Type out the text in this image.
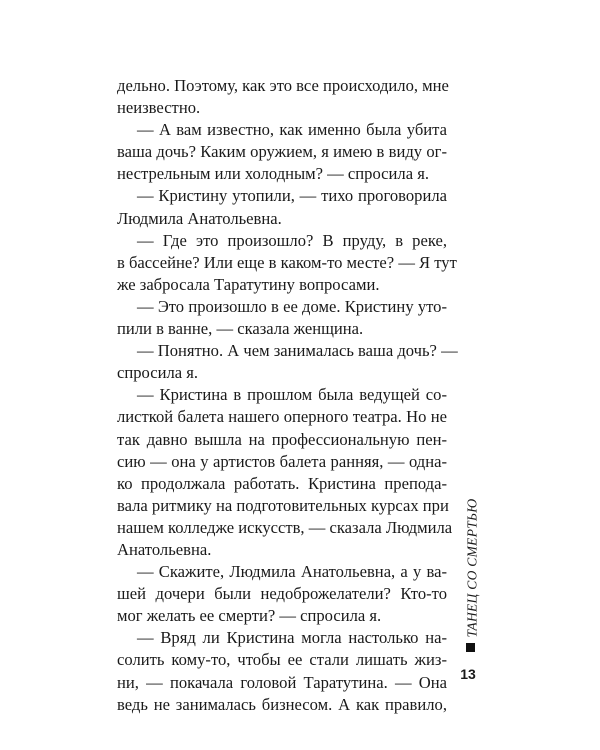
дельно. Поэтому, как это все происходило, мне
неизвестно.
— А вам известно, как именно была убита
ваша дочь? Каким оружием, я имею в виду ог-
нестрельным или холодным? — спросила я.
— Кристину утопили, — тихо проговорила
Людмила Анатольевна.
— Где это произошло? В пруду, в реке,
в бассейне? Или еще в каком-то месте? — Я тут
же забросала Таратутину вопросами.
— Это произошло в ее доме. Кристину уто-
пили в ванне, — сказала женщина.
— Понятно. А чем занималась ваша дочь? —
спросила я.
— Кристина в прошлом была ведущей со-
листкой балета нашего оперного театра. Но не
так давно вышла на профессиональную пен-
сию — она у артистов балета ранняя, — одна-
ко продолжала работать. Кристина препода-
вала ритмику на подготовительных курсах при
нашем колледже искусств, — сказала Людмила
Анатольевна.
— Скажите, Людмила Анатольевна, а у ва-
шей дочери были недоброжелатели? Кто-то
мог желать ее смерти? — спросила я.
— Вряд ли Кристина могла настолько на-
солить кому-то, чтобы ее стали лишать жиз-
ни, — покачала головой Таратутина. — Она
ведь не занималась бизнесом. А как правило,
ТАНЕЦ СО СМЕРТЬЮ
13
